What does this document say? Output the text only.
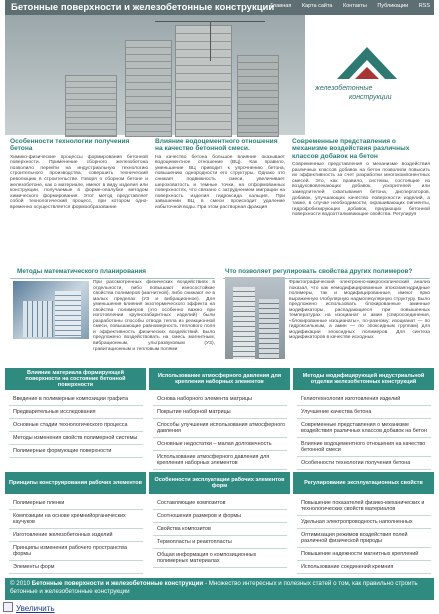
Бетонные поверхности и железобетонные конструкции
Главная Карта сайта Контакты Публикации RSS
железобетонные
конструкции
Особенности технологии получения бетона

Химико-физические процессы формирования бетонной поверхности. Применение сборного железобетона позволило перейти на индустриальную технологию строительного производства, совершить технический революцию в строительстве. Говоря о сборном бетоне и железобетоне, как о материале, имеют в виду изделия или конструкции, получаемые в форме-опалубке методом химического формирования. Этот метод представляет собой технологический процесс, при котором одно-временно осуществляется формообразование

Влияние водоцементного отношения на качество бетонной смеси.

На качество бетона большое влияние оказывает водоцементное отношение (ВЦ). Как правило, уменьшение ВЦ приводит к упрочнению бетона, повышению однородности его структуры. Однако это снижает подвижность смеси, увеличивает шероховатость и темные точки, на отформованных поверхностях, что связано с затруднением миграции на поверхность изделия гидроксида кальция. При завышении ВЦ в смеси происходит удаление избыточной воды. При этом растворная фракция

Современные представления о механизме воздействия различных классов добавок на бетон

Современные представления о механизме воздействия различных классов добавок на бетон позволили повысить их эффективность за счет разработки многокомпонентных смесей. Это, как правило, системы, состоящие из воздухововлекающих добавок, ускорителей или замедлителей схватывания бетона, диспергаторов, добавок, улучшающих качество поверхности изделий, а также, в случае необходимости, окрашивающих пигменты, гидрофобизирующих добавок, придающих бетонной поверхности водоотталкивающие свойства. Регулируя

Методы математического планирования
При рассмотренных физических воздействиях в отдельности, либо повышают износостойкие свойства полимеров (магнитной), либо снижают ее в малых пределах (УЗ и вибрационное). Для уменьшения влияния экзотермического эффекта на свойства полимеров (это особенно важно при изготовлении крупногабаритных изделий) были разработаны способы отвода тепла из реакционной смеси, повышающие равномерность теплового поля и эффективность физических воздействий. Было предложено воздействовать на смесь магнитным, вибрационным, ультразвуковым (УЗ), гравитационным и тепловым полями
Что позволяет регулировать свойства других полимеров?
Фрактографический электронно-микроскопический анализ показал, что как немодифицированные эпоксиангидридные полимеры, так и модифицированные, имеют ярко выраженную глобулярную надмолекулярную структуру. Было предложено использовать блокированные аминные модификаторы, распадающиеся при повышенных температурах на изоцианат и амин (спиросоединения, «блокированные изоцианаты», по-разному: изоцианат — по гидроксильным, а амин — по эпоксидным группам) для модификации эпоксидных полимеров. Для синтеза модификаторов в качестве исходных
Влияние материала формирующей поверхности на состояние бетонной поверхности
Введение в полимерные композиции графита
Предварительные исследования
Основные стадии технологического процесса
Методы изменения свойств полимерной системы
Полимерные формующие поверхности
Использование атмосферного давления для крепления наборных элементов
Основа наборного элемента матрицы
Покрытие наборной матрицы
Способы улучшения использования атмосферного давления
Основные недостатки – малая долговечность
Использование атмосферного давления для крепления наборных элементов
Методы модифицирующей индустриальной отделки железобетонных конструкций
Гелиотехнология изготовления изделий
Улучшение качества бетона
Современные представления о механизме воздействия различных классов добавок на бетон
Влияние водоцементного отношения на качество бетонной смеси
Особенности технологии получения бетона
Принципы конструирования рабочих элементов
Полимерные пленки
Композиции на основе кремнийорганических каучуков
Изготовление железобетонных изделий
Принципы изменения рабочего пространства формы
Элементы форм
Особенности эксплуатации рабочих элементов форм
Составляющие композитов
Соотношения размеров и формы
Свойства композитов
Термопласты и реактопласты
Общая информация о композиционных полимерных материалах
Регулирование эксплуатационных свойств
Повышение показателей физико-механических и технологических свойств материалов
Удельная электропроводность наполненных
Оптимизация режимов воздействия полей различной физической природы
Повышение надежности магнитных креплений
Использование соединений кремния
© 2010 Бетонные поверхности и железобетонные конструкции - Множество интересных и полезных статей о том, как правильно строить бетонные и железобетонные конструкции
Увеличить
